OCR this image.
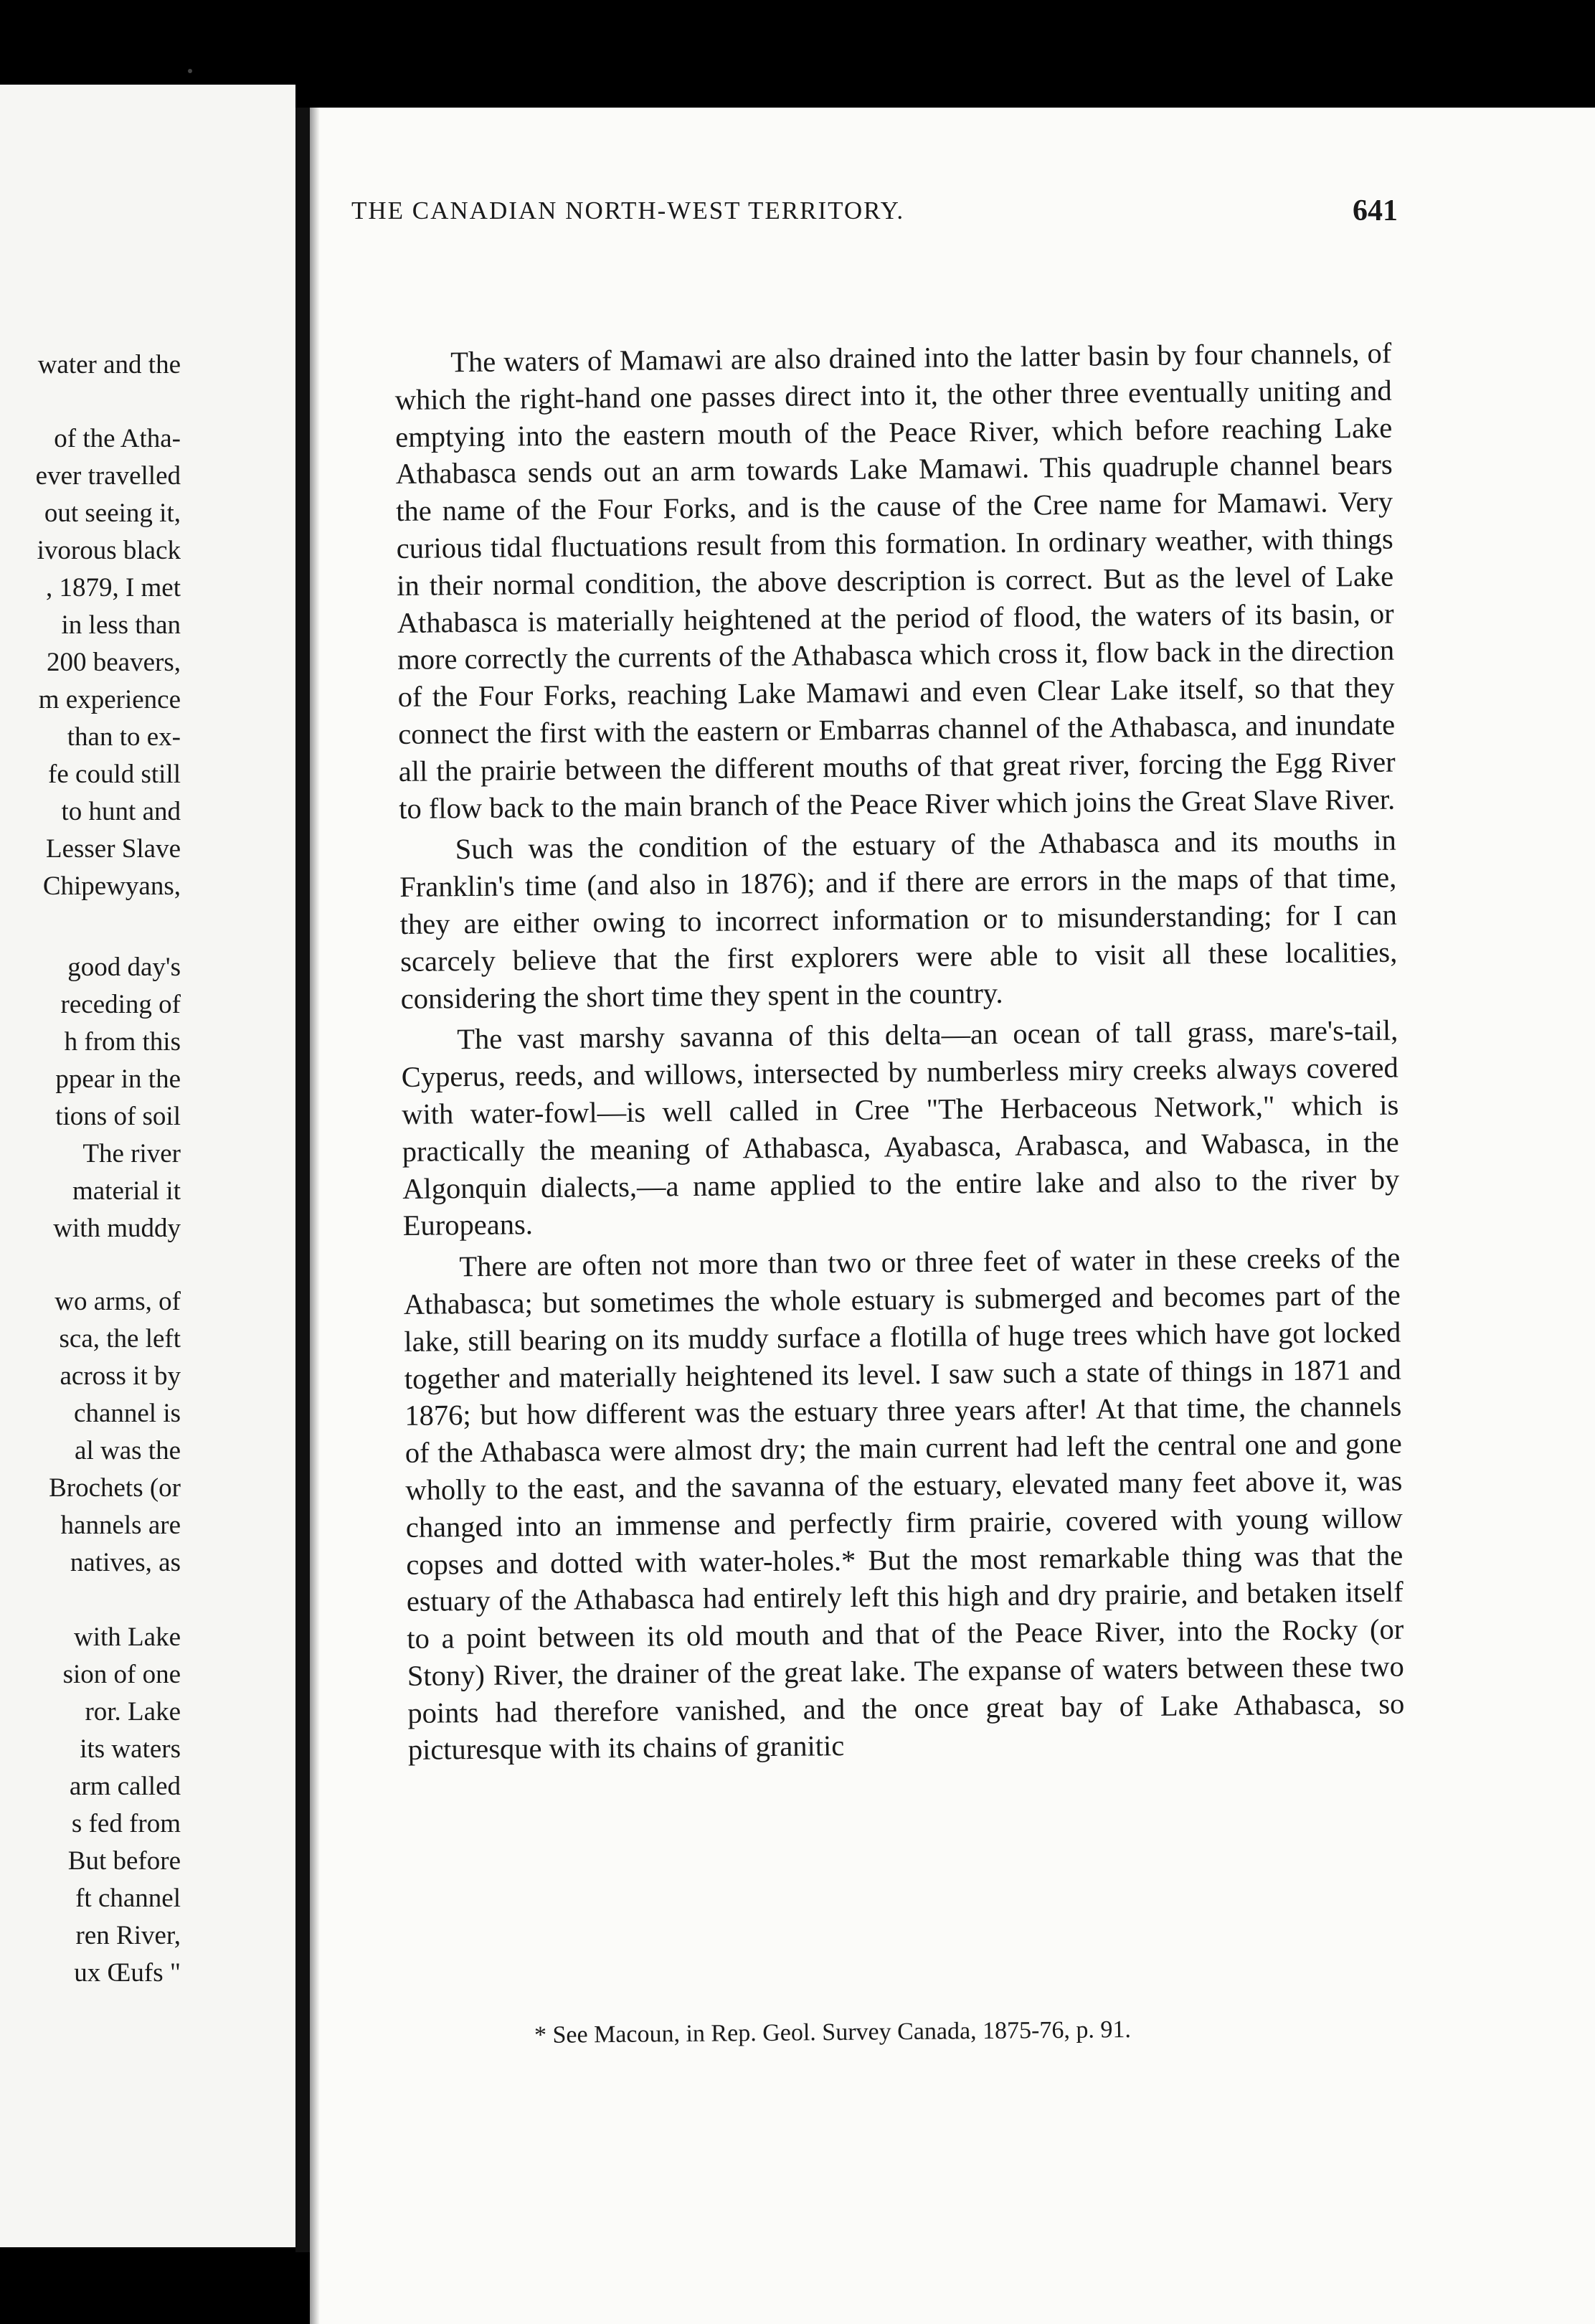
water and the
of the Atha-
ever travelled
out seeing it,
ivorous black
, 1879, I met
in less than
200 beavers,
m experience
than to ex-
fe could still
to hunt and
Lesser Slave
Chipewyans,
good day's
receding of
h from this
ppear in the
tions of soil
The river
material it
with muddy
wo arms, of
sca, the left
across it by
channel is
al was the
Brochets (or
hannels are
natives, as
with Lake
sion of one
ror. Lake
its waters
arm called
s fed from
But before
ft channel
ren River,
ux Œufs "
THE CANADIAN NORTH-WEST TERRITORY.	641

The waters of Mamawi are also drained into the latter basin by four channels, of which the right-hand one passes direct into it, the other three eventually uniting and emptying into the eastern mouth of the Peace River, which before reaching Lake Athabasca sends out an arm towards Lake Mamawi. This quadruple channel bears the name of the Four Forks, and is the cause of the Cree name for Mamawi. Very curious tidal fluctuations result from this formation. In ordinary weather, with things in their normal condition, the above description is correct. But as the level of Lake Athabasca is materially heightened at the period of flood, the waters of its basin, or more correctly the currents of the Athabasca which cross it, flow back in the direction of the Four Forks, reaching Lake Mamawi and even Clear Lake itself, so that they connect the first with the eastern or Embarras channel of the Athabasca, and inundate all the prairie between the different mouths of that great river, forcing the Egg River to flow back to the main branch of the Peace River which joins the Great Slave River.

Such was the condition of the estuary of the Athabasca and its mouths in Franklin's time (and also in 1876); and if there are errors in the maps of that time, they are either owing to incorrect information or to misunderstanding; for I can scarcely believe that the first explorers were able to visit all these localities, considering the short time they spent in the country.

The vast marshy savanna of this delta—an ocean of tall grass, mare's-tail, Cyperus, reeds, and willows, intersected by numberless miry creeks always covered with water-fowl—is well called in Cree "The Herbaceous Network," which is practically the meaning of Athabasca, Ayabasca, Arabasca, and Wabasca, in the Algonquin dialects,—a name applied to the entire lake and also to the river by Europeans.

There are often not more than two or three feet of water in these creeks of the Athabasca; but sometimes the whole estuary is submerged and becomes part of the lake, still bearing on its muddy surface a flotilla of huge trees which have got locked together and materially heightened its level. I saw such a state of things in 1871 and 1876; but how different was the estuary three years after! At that time, the channels of the Athabasca were almost dry; the main current had left the central one and gone wholly to the east, and the savanna of the estuary, elevated many feet above it, was changed into an immense and perfectly firm prairie, covered with young willow copses and dotted with water-holes.* But the most remarkable thing was that the estuary of the Athabasca had entirely left this high and dry prairie, and betaken itself to a point between its old mouth and that of the Peace River, into the Rocky (or Stony) River, the drainer of the great lake. The expanse of waters between these two points had therefore vanished, and the once great bay of Lake Athabasca, so picturesque with its chains of granitic

* See Macoun, in Rep. Geol. Survey Canada, 1875-76, p. 91.
